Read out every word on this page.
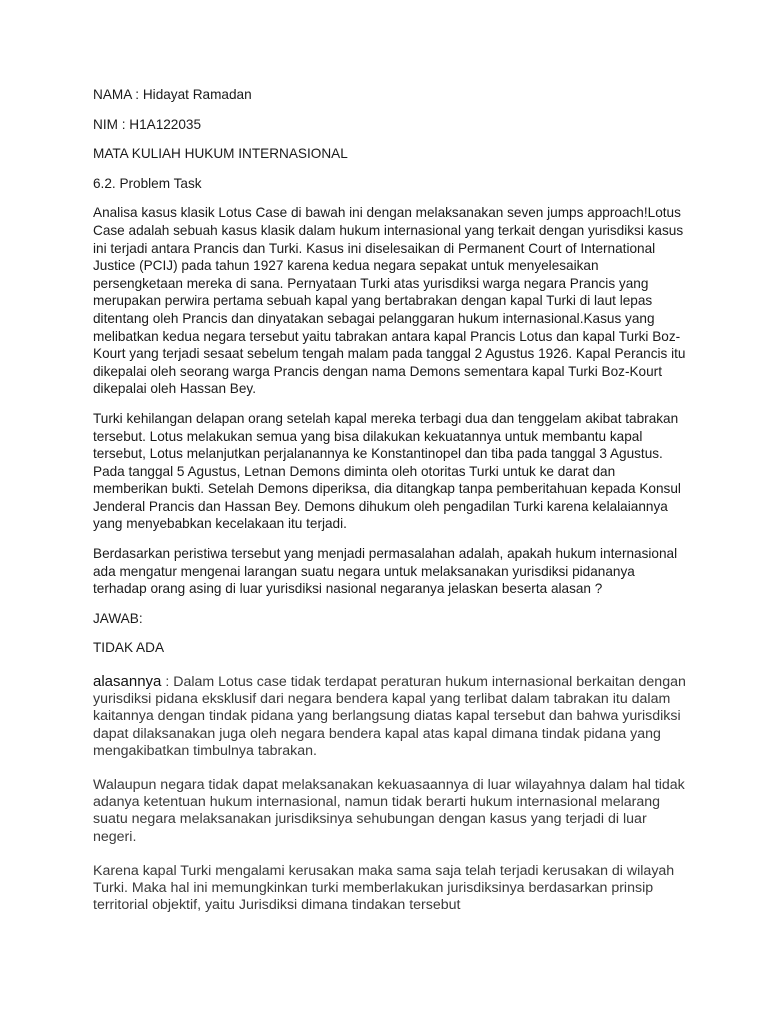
NAMA : Hidayat Ramadan

NIM : H1A122035

MATA KULIAH HUKUM INTERNASIONAL

6.2. Problem Task

Analisa kasus klasik Lotus Case di bawah ini dengan melaksanakan seven jumps approach!Lotus Case adalah sebuah kasus klasik dalam hukum internasional yang terkait dengan yurisdiksi kasus ini terjadi antara Prancis dan Turki. Kasus ini diselesaikan di Permanent Court of International Justice (PCIJ) pada tahun 1927 karena kedua negara sepakat untuk menyelesaikan persengketaan mereka di sana. Pernyataan Turki atas yurisdiksi warga negara Prancis yang merupakan perwira pertama sebuah kapal yang bertabrakan dengan kapal Turki di laut lepas ditentang oleh Prancis dan dinyatakan sebagai pelanggaran hukum internasional.Kasus yang melibatkan kedua negara tersebut yaitu tabrakan antara kapal Prancis Lotus dan kapal Turki Boz-Kourt yang terjadi sesaat sebelum tengah malam pada tanggal 2 Agustus 1926. Kapal Perancis itu dikepalai oleh seorang warga Prancis dengan nama Demons sementara kapal Turki Boz-Kourt dikepalai oleh Hassan Bey.

Turki kehilangan delapan orang setelah kapal mereka terbagi dua dan tenggelam akibat tabrakan tersebut. Lotus melakukan semua yang bisa dilakukan kekuatannya untuk membantu kapal tersebut, Lotus melanjutkan perjalanannya ke Konstantinopel dan tiba pada tanggal 3 Agustus. Pada tanggal 5 Agustus, Letnan Demons diminta oleh otoritas Turki untuk ke darat dan memberikan bukti. Setelah Demons diperiksa, dia ditangkap tanpa pemberitahuan kepada Konsul Jenderal Prancis dan Hassan Bey. Demons dihukum oleh pengadilan Turki karena kelalaiannya yang menyebabkan kecelakaan itu terjadi.

Berdasarkan peristiwa tersebut yang menjadi permasalahan adalah, apakah hukum internasional ada mengatur mengenai larangan suatu negara untuk melaksanakan yurisdiksi pidananya terhadap orang asing di luar yurisdiksi nasional negaranya jelaskan beserta alasan ?

JAWAB:

TIDAK ADA

alasannya : Dalam Lotus case tidak terdapat peraturan hukum internasional berkaitan dengan yurisdiksi pidana eksklusif dari negara bendera kapal yang terlibat dalam tabrakan itu dalam kaitannya dengan tindak pidana yang berlangsung diatas kapal tersebut dan bahwa yurisdiksi dapat dilaksanakan juga oleh negara bendera kapal atas kapal dimana tindak pidana yang mengakibatkan timbulnya tabrakan.

Walaupun negara tidak dapat melaksanakan kekuasaannya di luar wilayahnya dalam hal tidak adanya ketentuan hukum internasional, namun tidak berarti hukum internasional melarang suatu negara melaksanakan jurisdiksinya sehubungan dengan kasus yang terjadi di luar negeri.

Karena kapal Turki mengalami kerusakan maka sama saja telah terjadi kerusakan di wilayah Turki. Maka hal ini memungkinkan turki memberlakukan jurisdiksinya berdasarkan prinsip territorial objektif, yaitu Jurisdiksi dimana tindakan tersebut
